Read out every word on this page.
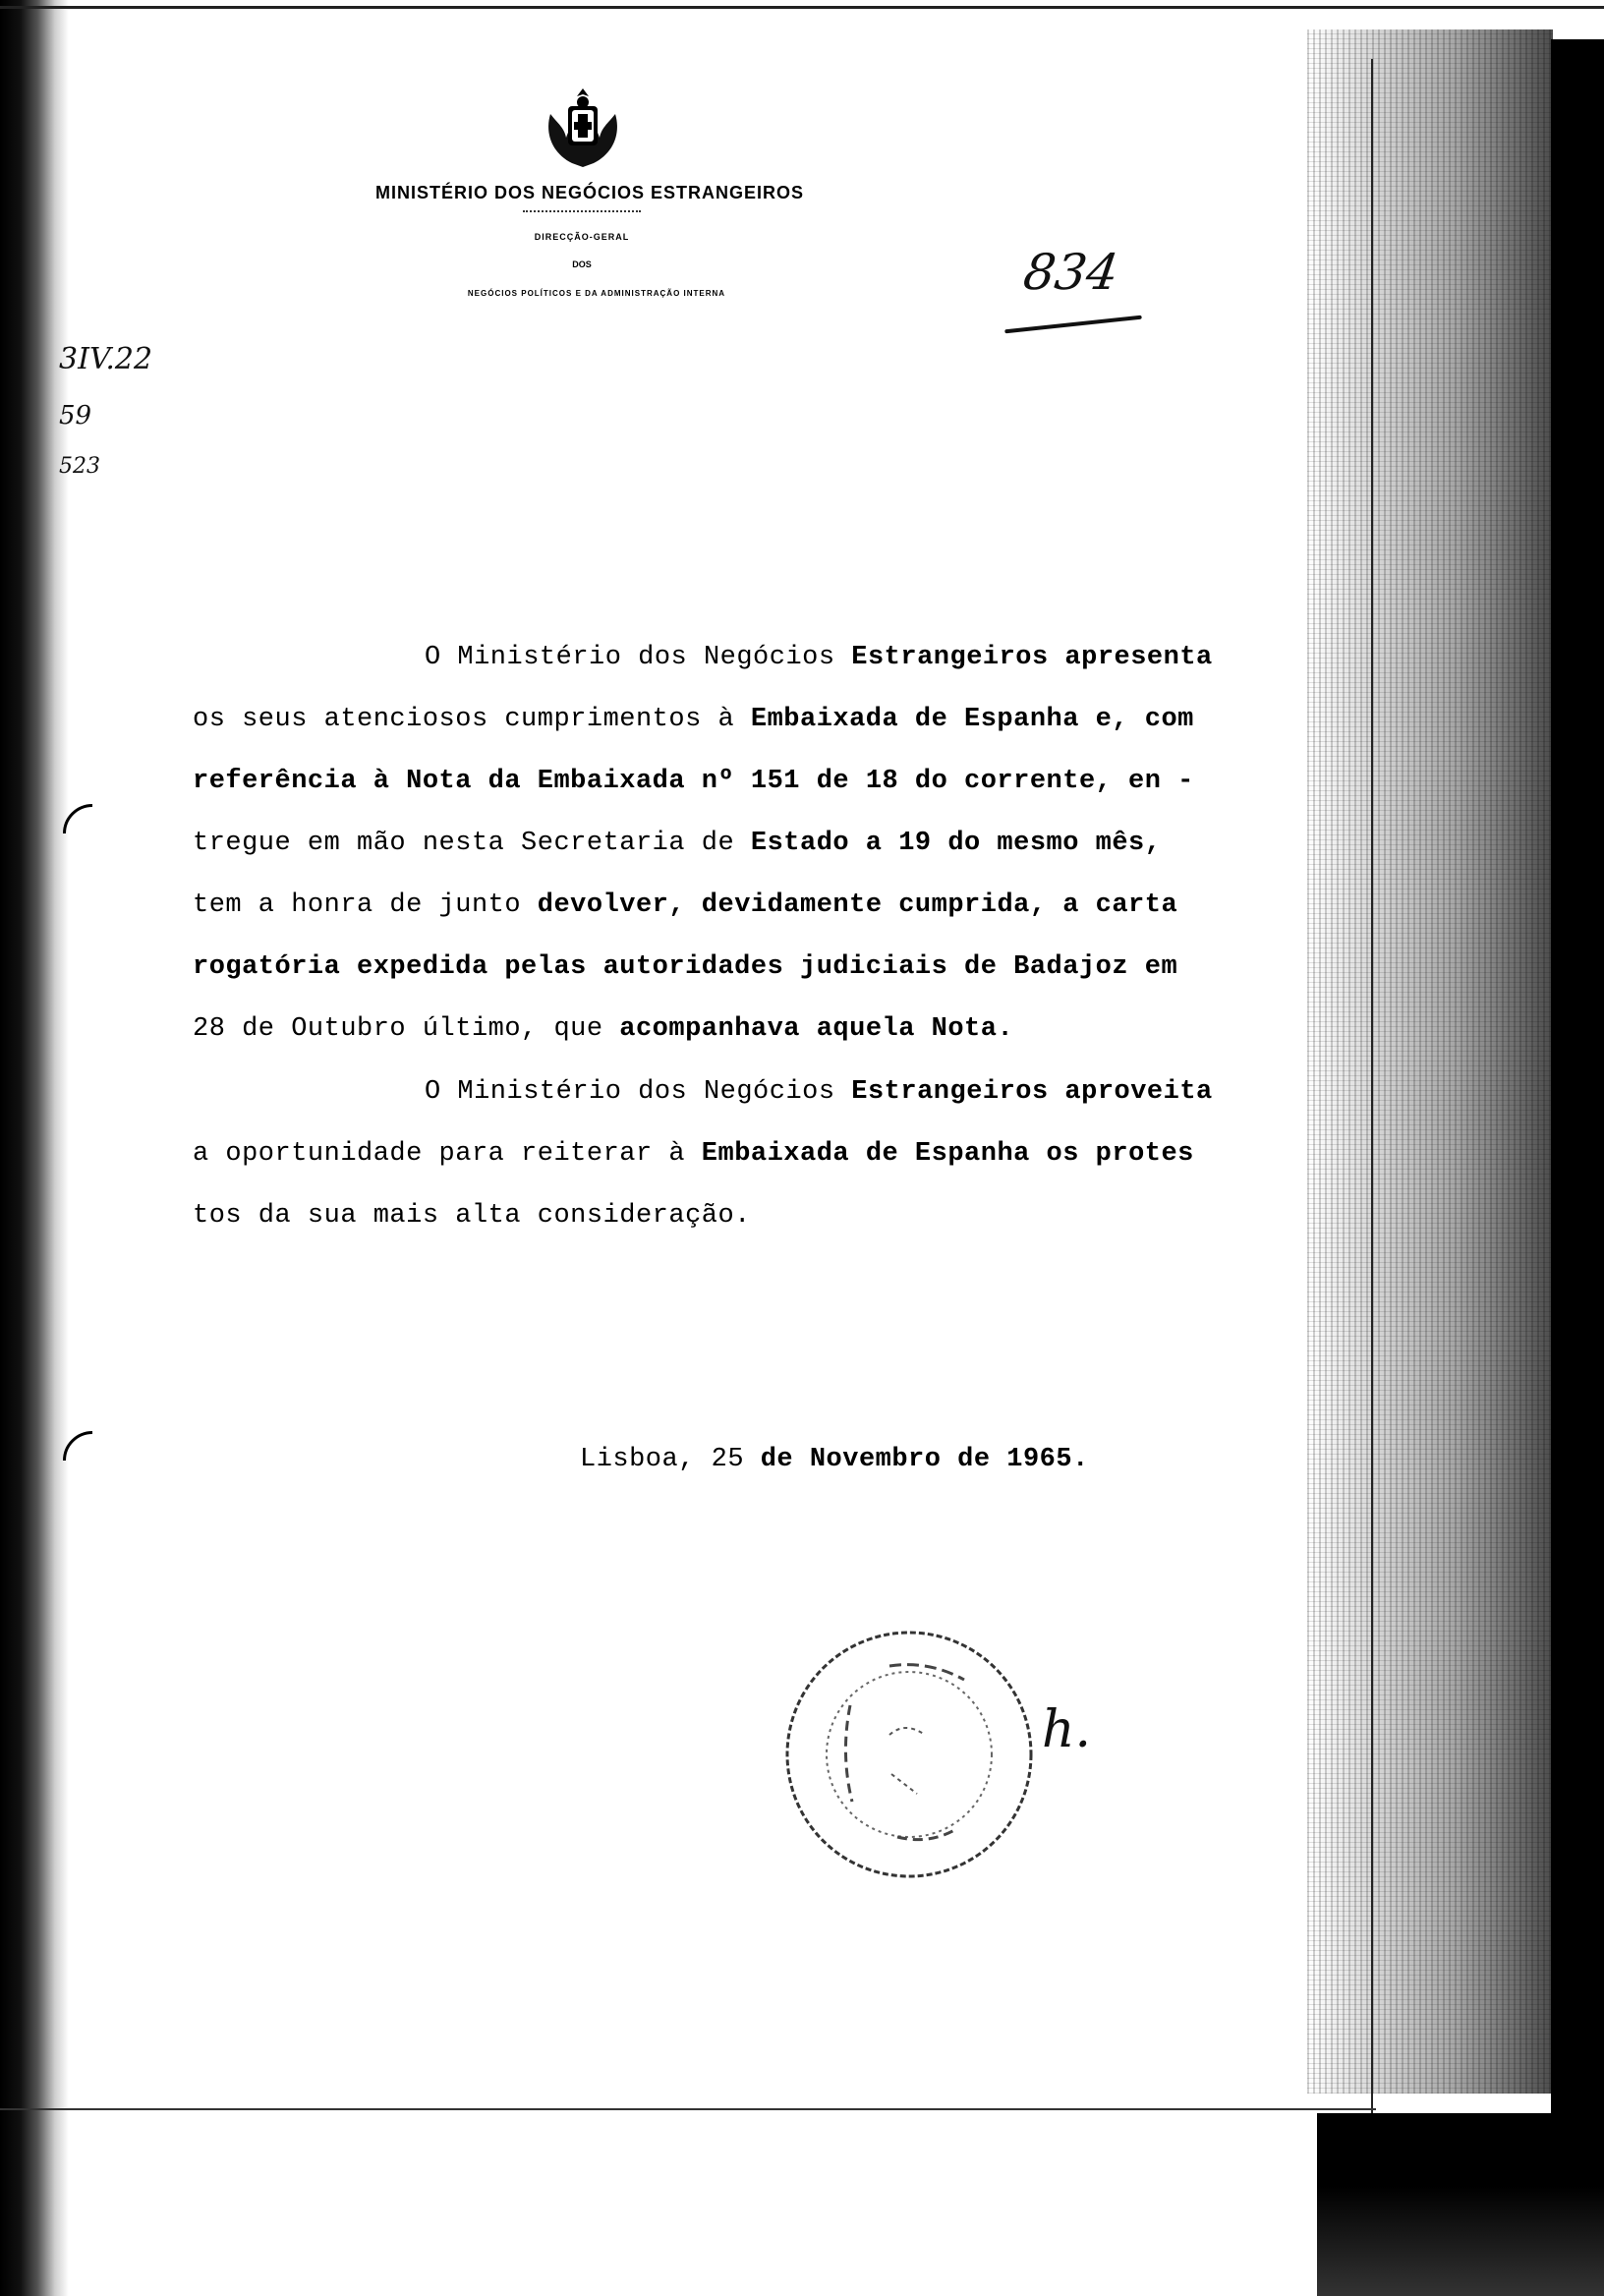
MINISTÉRIO DOS NEGÓCIOS ESTRANGEIROS
DIRECÇÃO-GERAL
DOS
NEGÓCIOS POLÍTICOS E DA ADMINISTRAÇÃO INTERNA	834
3IV.22
59
523
O Ministério dos Negócios Estrangeiros apresenta
os seus atenciosos cumprimentos à Embaixada de Espanha e, com
referência à Nota da Embaixada nº 151 de 18 do corrente, en -
tregue em mão nesta Secretaria de Estado a 19 do mesmo mês,
tem a honra de junto devolver, devidamente cumprida, a carta
rogatória expedida pelas autoridades judiciais de Badajoz em
28 de Outubro último, que acompanhava aquela Nota.
O Ministério dos Negócios Estrangeiros aproveita
a oportunidade para reiterar à Embaixada de Espanha os protes
tos da sua mais alta consideração.
Lisboa, 25 de Novembro de 1965.
h.
